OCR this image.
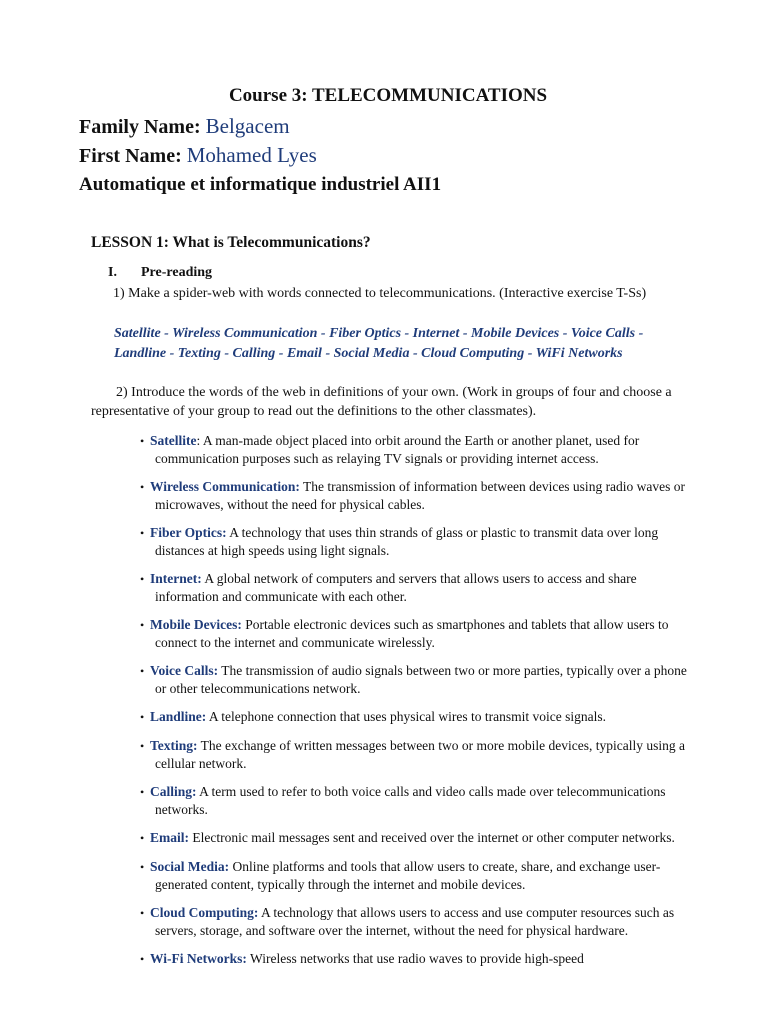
Course 3: TELECOMMUNICATIONS
Family Name: Belgacem
First Name: Mohamed Lyes
Automatique et informatique industriel AII1
LESSON 1: What is Telecommunications?
I. Pre-reading
1) Make a spider-web with words connected to telecommunications. (Interactive exercise T-Ss)
Satellite - Wireless Communication - Fiber Optics - Internet - Mobile Devices - Voice Calls - Landline - Texting - Calling - Email - Social Media - Cloud Computing - WiFi Networks
2) Introduce the words of the web in definitions of your own. (Work in groups of four and choose a representative of your group to read out the definitions to the other classmates).
• Satellite: A man-made object placed into orbit around the Earth or another planet, used for communication purposes such as relaying TV signals or providing internet access.
• Wireless Communication: The transmission of information between devices using radio waves or microwaves, without the need for physical cables.
• Fiber Optics: A technology that uses thin strands of glass or plastic to transmit data over long distances at high speeds using light signals.
• Internet: A global network of computers and servers that allows users to access and share information and communicate with each other.
• Mobile Devices: Portable electronic devices such as smartphones and tablets that allow users to connect to the internet and communicate wirelessly.
• Voice Calls: The transmission of audio signals between two or more parties, typically over a phone or other telecommunications network.
• Landline: A telephone connection that uses physical wires to transmit voice signals.
• Texting: The exchange of written messages between two or more mobile devices, typically using a cellular network.
• Calling: A term used to refer to both voice calls and video calls made over telecommunications networks.
• Email: Electronic mail messages sent and received over the internet or other computer networks.
• Social Media: Online platforms and tools that allow users to create, share, and exchange user-generated content, typically through the internet and mobile devices.
• Cloud Computing: A technology that allows users to access and use computer resources such as servers, storage, and software over the internet, without the need for physical hardware.
• Wi-Fi Networks: Wireless networks that use radio waves to provide high-speed
